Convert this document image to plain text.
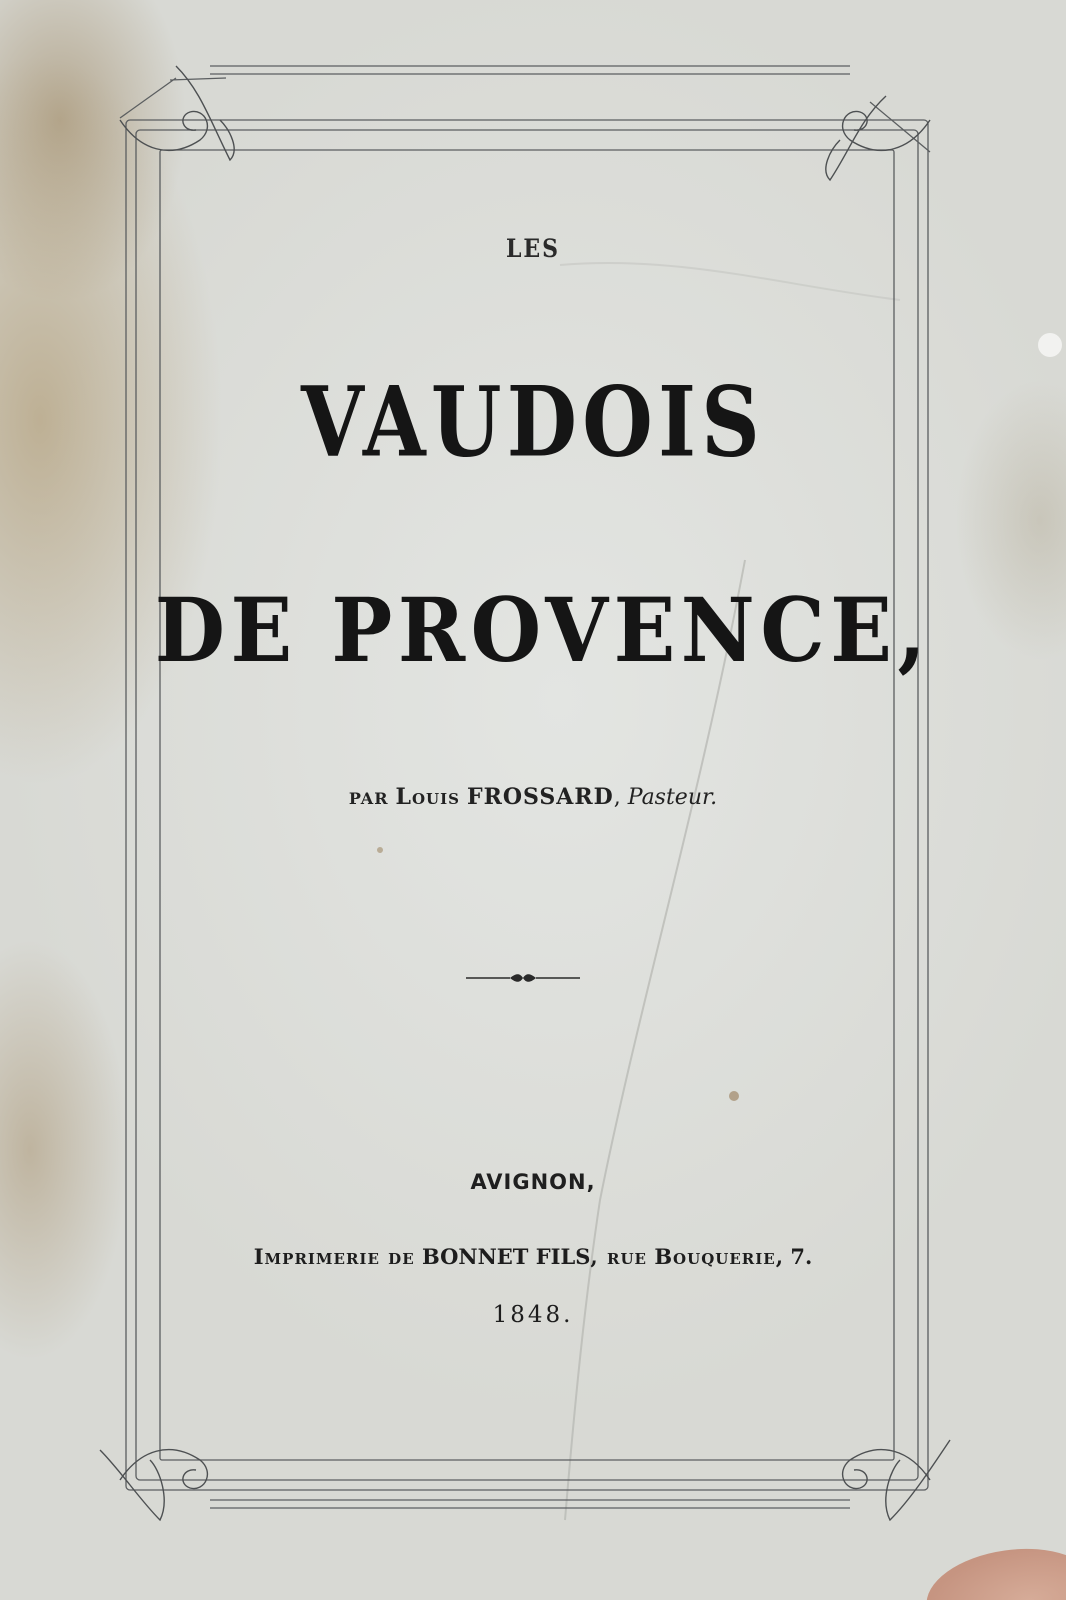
LES
VAUDOIS
DE PROVENCE,
PAR Louis FROSSARD, Pasteur.
AVIGNON,
Imprimerie de BONNET FILS, rue Bouquerie, 7.
1848.
